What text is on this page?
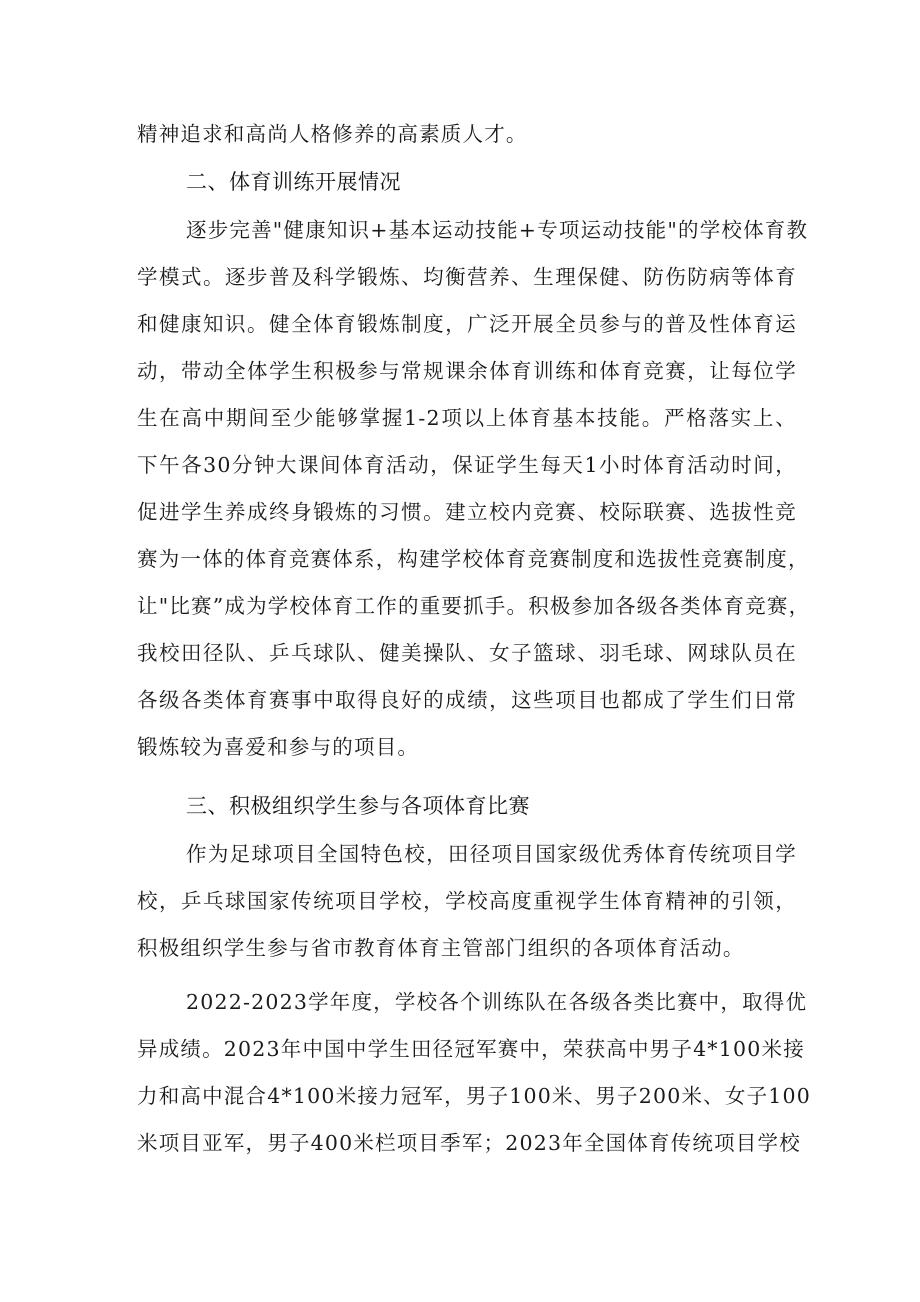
精神追求和高尚人格修养的高素质人才。
二、体育训练开展情况
逐步完善"健康知识+基本运动技能+专项运动技能"的学校体育教
学模式。逐步普及科学锻炼、均衡营养、生理保健、防伤防病等体育
和健康知识。健全体育锻炼制度，广泛开展全员参与的普及性体育运
动，带动全体学生积极参与常规课余体育训练和体育竞赛，让每位学
生在高中期间至少能够掌握1-2项以上体育基本技能。严格落实上、
下午各30分钟大课间体育活动，保证学生每天1小时体育活动时间，
促进学生养成终身锻炼的习惯。建立校内竞赛、校际联赛、选拔性竞
赛为一体的体育竞赛体系，构建学校体育竞赛制度和选拔性竞赛制度，
让"比赛”成为学校体育工作的重要抓手。积极参加各级各类体育竞赛，
我校田径队、乒乓球队、健美操队、女子篮球、羽毛球、网球队员在
各级各类体育赛事中取得良好的成绩，这些项目也都成了学生们日常
锻炼较为喜爱和参与的项目。
三、积极组织学生参与各项体育比赛
作为足球项目全国特色校，田径项目国家级优秀体育传统项目学
校，乒乓球国家传统项目学校，学校高度重视学生体育精神的引领，
积极组织学生参与省市教育体育主管部门组织的各项体育活动。
2022-2023学年度，学校各个训练队在各级各类比赛中，取得优
异成绩。2023年中国中学生田径冠军赛中，荣获高中男子4*100米接
力和高中混合4*100米接力冠军，男子100米、男子200米、女子100
米项目亚军，男子400米栏项目季军；2023年全国体育传统项目学校
